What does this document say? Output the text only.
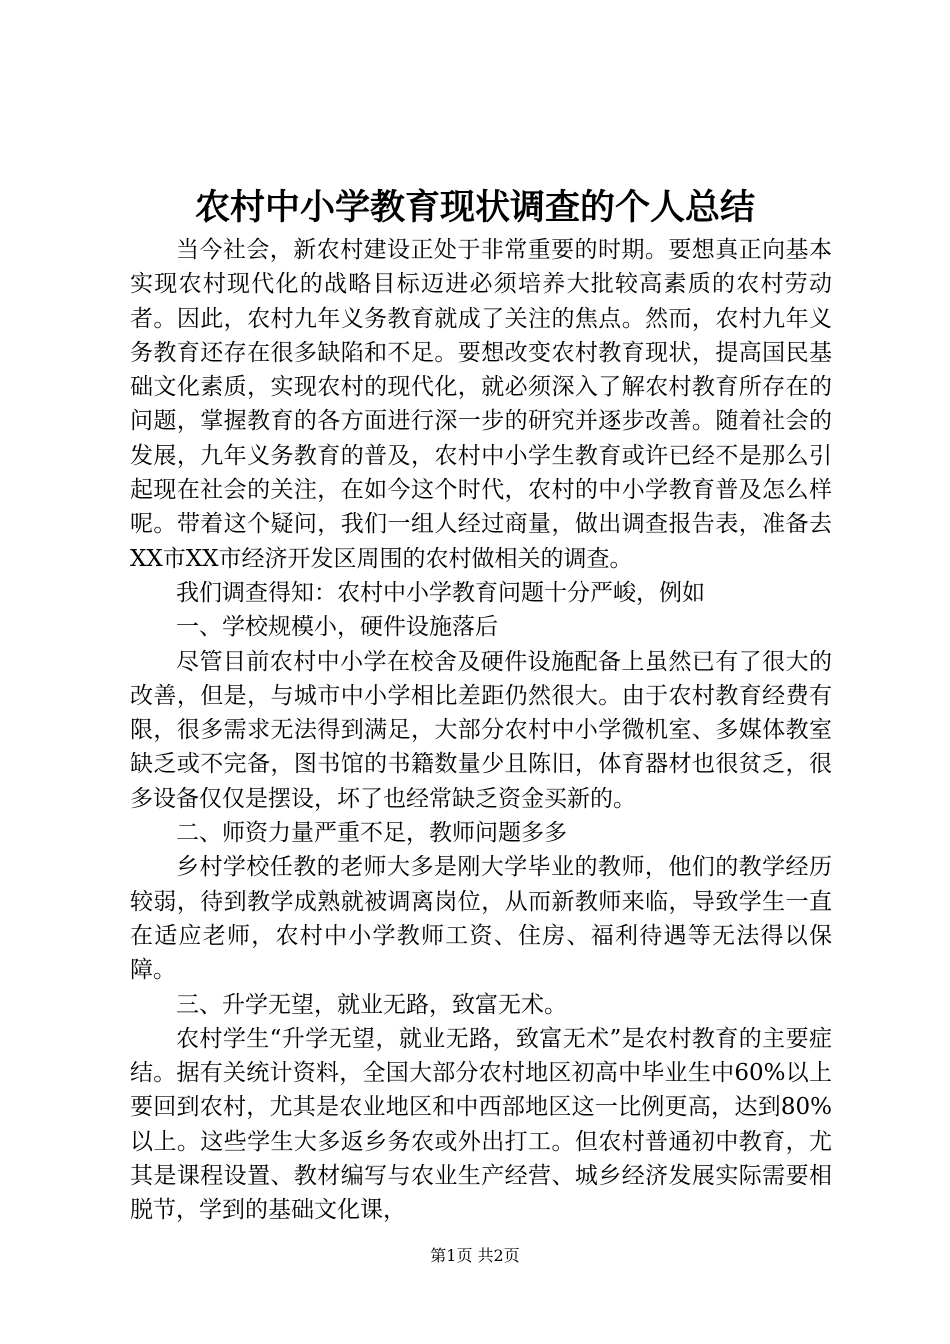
农村中小学教育现状调查的个人总结

当今社会，新农村建设正处于非常重要的时期。要想真正向基本实现农村现代化的战略目标迈进必须培养大批较高素质的农村劳动者。因此，农村九年义务教育就成了关注的焦点。然而，农村九年义务教育还存在很多缺陷和不足。要想改变农村教育现状，提高国民基础文化素质，实现农村的现代化，就必须深入了解农村教育所存在的问题，掌握教育的各方面进行深一步的研究并逐步改善。随着社会的发展，九年义务教育的普及，农村中小学生教育或许已经不是那么引起现在社会的关注，在如今这个时代，农村的中小学教育普及怎么样呢。带着这个疑问，我们一组人经过商量，做出调查报告表，准备去XX市XX市经济开发区周围的农村做相关的调查。

我们调查得知：农村中小学教育问题十分严峻，例如

一、学校规模小，硬件设施落后

尽管目前农村中小学在校舍及硬件设施配备上虽然已有了很大的改善，但是，与城市中小学相比差距仍然很大。由于农村教育经费有限，很多需求无法得到满足，大部分农村中小学微机室、多媒体教室缺乏或不完备，图书馆的书籍数量少且陈旧，体育器材也很贫乏，很多设备仅仅是摆设，坏了也经常缺乏资金买新的。

二、师资力量严重不足，教师问题多多

乡村学校任教的老师大多是刚大学毕业的教师，他们的教学经历较弱，待到教学成熟就被调离岗位，从而新教师来临，导致学生一直在适应老师，农村中小学教师工资、住房、福利待遇等无法得以保障。

三、升学无望，就业无路，致富无术。

农村学生“升学无望，就业无路，致富无术”是农村教育的主要症结。据有关统计资料，全国大部分农村地区初高中毕业生中60%以上要回到农村，尤其是农业地区和中西部地区这一比例更高，达到80%以上。这些学生大多返乡务农或外出打工。但农村普通初中教育，尤其是课程设置、教材编写与农业生产经营、城乡经济发展实际需要相脱节，学到的基础文化课，

第1页 共2页
